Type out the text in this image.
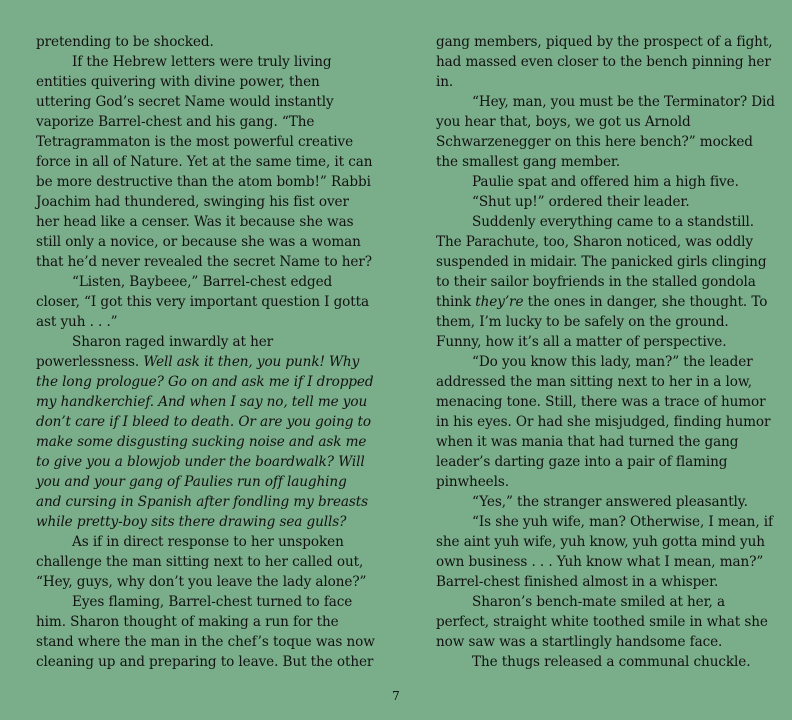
pretending to be shocked.

If the Hebrew letters were truly living entities quivering with divine power, then uttering God’s secret Name would instantly vaporize Barrel-chest and his gang. “The Tetragrammaton is the most powerful creative force in all of Nature. Yet at the same time, it can be more destructive than the atom bomb!” Rabbi Joachim had thundered, swinging his fist over her head like a censer. Was it because she was still only a novice, or because she was a woman that he’d never revealed the secret Name to her?

“Listen, Baybeee,” Barrel-chest edged closer, “I got this very important question I gotta ast yuh . . .”

Sharon raged inwardly at her powerlessness. Well ask it then, you punk! Why the long prologue? Go on and ask me if I dropped my handkerchief. And when I say no, tell me you don’t care if I bleed to death. Or are you going to make some disgusting sucking noise and ask me to give you a blowjob under the boardwalk? Will you and your gang of Paulies run off laughing and cursing in Spanish after fondling my breasts while pretty-boy sits there drawing sea gulls?

As if in direct response to her unspoken challenge the man sitting next to her called out, “Hey, guys, why don’t you leave the lady alone?”

Eyes flaming, Barrel-chest turned to face him. Sharon thought of making a run for the stand where the man in the chef’s toque was now cleaning up and preparing to leave. But the other

gang members, piqued by the prospect of a fight, had massed even closer to the bench pinning her in.

“Hey, man, you must be the Terminator? Did you hear that, boys, we got us Arnold Schwarzenegger on this here bench?” mocked the smallest gang member.

Paulie spat and offered him a high five.

“Shut up!” ordered their leader.

Suddenly everything came to a standstill. The Parachute, too, Sharon noticed, was oddly suspended in midair. The panicked girls clinging to their sailor boyfriends in the stalled gondola think they’re the ones in danger, she thought. To them, I’m lucky to be safely on the ground. Funny, how it’s all a matter of perspective.

“Do you know this lady, man?” the leader addressed the man sitting next to her in a low, menacing tone. Still, there was a trace of humor in his eyes. Or had she misjudged, finding humor when it was mania that had turned the gang leader’s darting gaze into a pair of flaming pinwheels.

“Yes,” the stranger answered pleasantly.

“Is she yuh wife, man? Otherwise, I mean, if she aint yuh wife, yuh know, yuh gotta mind yuh own business . . . Yuh know what I mean, man?” Barrel-chest finished almost in a whisper.

Sharon’s bench-mate smiled at her, a perfect, straight white toothed smile in what she now saw was a startlingly handsome face.

The thugs released a communal chuckle.

7
